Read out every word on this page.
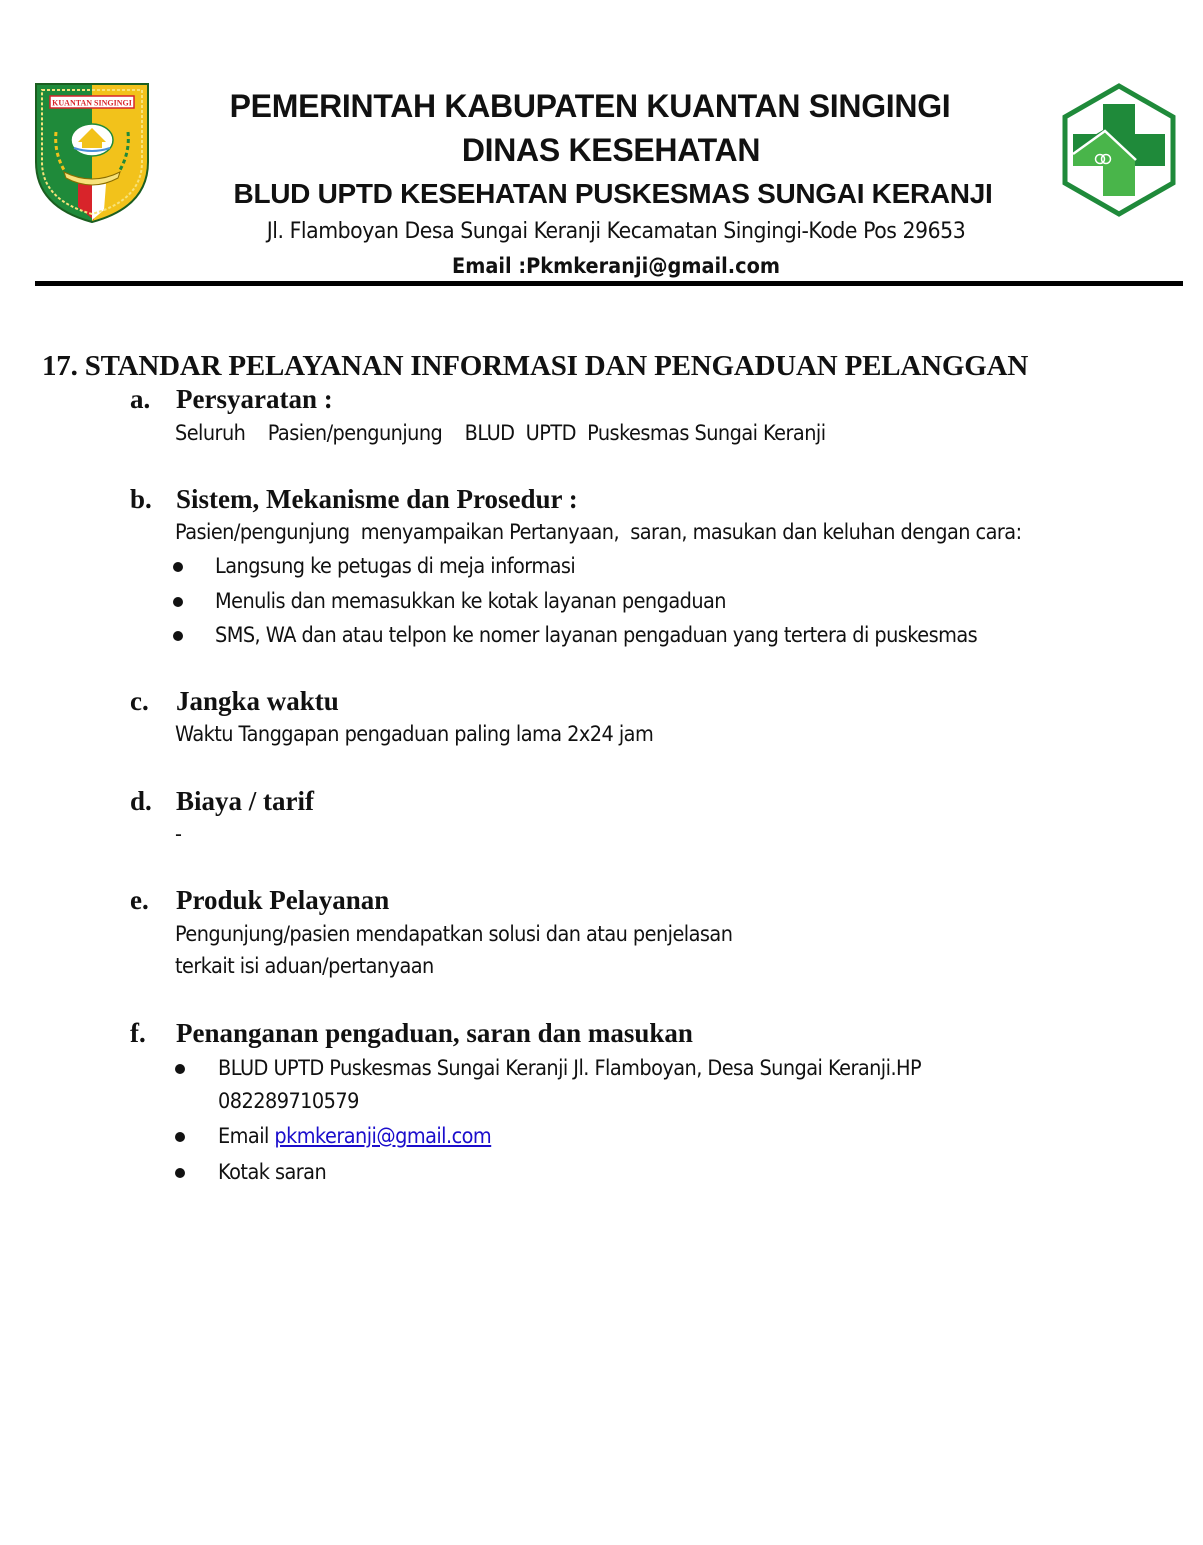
KUANTAN SINGINGI	PEMERINTAH KABUPATEN KUANTAN SINGINGI
DINAS KESEHATAN
BLUD UPTD KESEHATAN PUSKESMAS SUNGAI KERANJI
Jl. Flamboyan Desa Sungai Keranji Kecamatan Singingi-Kode Pos 29653
Email :Pkmkeranji@gmail.com
17. STANDAR PELAYANAN INFORMASI DAN PENGADUAN PELANGGAN
a. Persyaratan :
Seluruh    Pasien/pengunjung    BLUD  UPTD  Puskesmas Sungai Keranji
b. Sistem, Mekanisme dan Prosedur :
Pasien/pengunjung  menyampaikan Pertanyaan,  saran, masukan dan keluhan dengan cara:
Langsung ke petugas di meja informasi
Menulis dan memasukkan ke kotak layanan pengaduan
SMS, WA dan atau telpon ke nomer layanan pengaduan yang tertera di puskesmas
c. Jangka waktu
Waktu Tanggapan pengaduan paling lama 2x24 jam
d. Biaya / tarif
-
e. Produk Pelayanan
Pengunjung/pasien mendapatkan solusi dan atau penjelasan
terkait isi aduan/pertanyaan
f. Penanganan pengaduan, saran dan masukan
BLUD UPTD Puskesmas Sungai Keranji Jl. Flamboyan, Desa Sungai Keranji.HP
082289710579
Email pkmkeranji@gmail.com
Kotak saran
